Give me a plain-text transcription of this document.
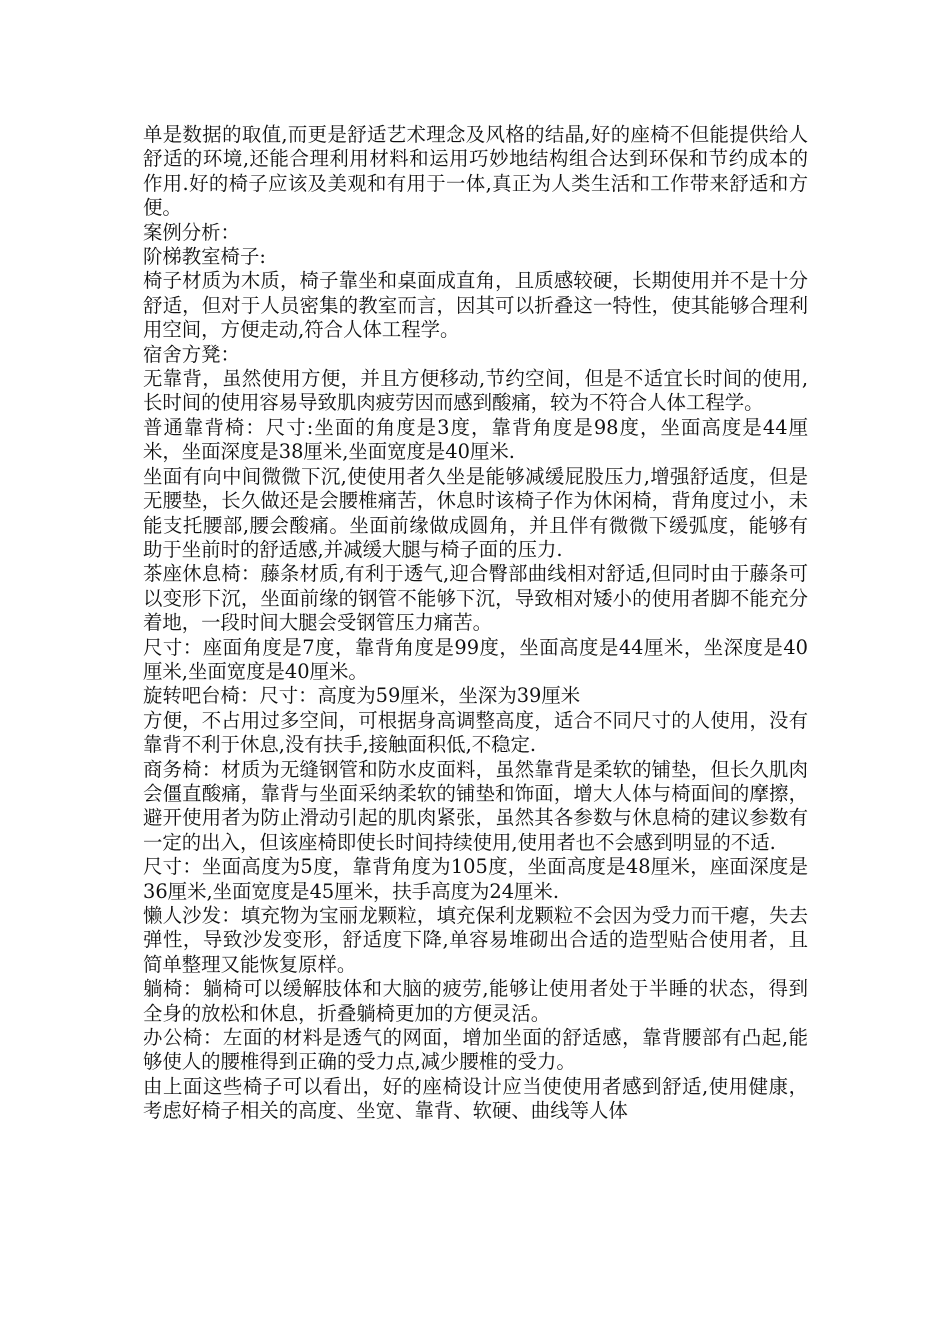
单是数据的取值,而更是舒适艺术理念及风格的结晶,好的座椅不但能提供给人舒适的环境,还能合理利用材料和运用巧妙地结构组合达到环保和节约成本的作用.好的椅子应该及美观和有用于一体,真正为人类生活和工作带来舒适和方便。

案例分析：

阶梯教室椅子:

椅子材质为木质，椅子靠坐和桌面成直角，且质感较硬，长期使用并不是十分舒适，但对于人员密集的教室而言，因其可以折叠这一特性，使其能够合理利用空间，方便走动,符合人体工程学。

宿舍方凳：

无靠背，虽然使用方便，并且方便移动,节约空间，但是不适宜长时间的使用,长时间的使用容易导致肌肉疲劳因而感到酸痛，较为不符合人体工程学。

普通靠背椅：尺寸:坐面的角度是3度，靠背角度是98度，坐面高度是44厘米，坐面深度是38厘米,坐面宽度是40厘米.

坐面有向中间微微下沉,使使用者久坐是能够减缓屁股压力,增强舒适度，但是无腰垫，长久做还是会腰椎痛苦，休息时该椅子作为休闲椅，背角度过小，未能支托腰部,腰会酸痛。坐面前缘做成圆角，并且伴有微微下缓弧度，能够有助于坐前时的舒适感,并减缓大腿与椅子面的压力.

茶座休息椅：藤条材质,有利于透气,迎合臀部曲线相对舒适,但同时由于藤条可以变形下沉，坐面前缘的钢管不能够下沉，导致相对矮小的使用者脚不能充分着地，一段时间大腿会受钢管压力痛苦。

尺寸：座面角度是7度，靠背角度是99度，坐面高度是44厘米，坐深度是40厘米,坐面宽度是40厘米。

旋转吧台椅：尺寸：高度为59厘米，坐深为39厘米

方便，不占用过多空间，可根据身高调整高度，适合不同尺寸的人使用，没有靠背不利于休息,没有扶手,接触面积低,不稳定.

商务椅：材质为无缝钢管和防水皮面料，虽然靠背是柔软的铺垫，但长久肌肉会僵直酸痛，靠背与坐面采纳柔软的铺垫和饰面，增大人体与椅面间的摩擦，避开使用者为防止滑动引起的肌肉紧张，虽然其各参数与休息椅的建议参数有一定的出入，但该座椅即使长时间持续使用,使用者也不会感到明显的不适.

尺寸：坐面高度为5度，靠背角度为105度，坐面高度是48厘米，座面深度是36厘米,坐面宽度是45厘米，扶手高度为24厘米.

懒人沙发：填充物为宝丽龙颗粒，填充保利龙颗粒不会因为受力而干瘪，失去弹性，导致沙发变形，舒适度下降,单容易堆砌出合适的造型贴合使用者，且简单整理又能恢复原样。

躺椅：躺椅可以缓解肢体和大脑的疲劳,能够让使用者处于半睡的状态，得到全身的放松和休息，折叠躺椅更加的方便灵活。

办公椅：左面的材料是透气的网面，增加坐面的舒适感，靠背腰部有凸起,能够使人的腰椎得到正确的受力点,减少腰椎的受力。

由上面这些椅子可以看出，好的座椅设计应当使使用者感到舒适,使用健康，考虑好椅子相关的高度、坐宽、靠背、软硬、曲线等人体
